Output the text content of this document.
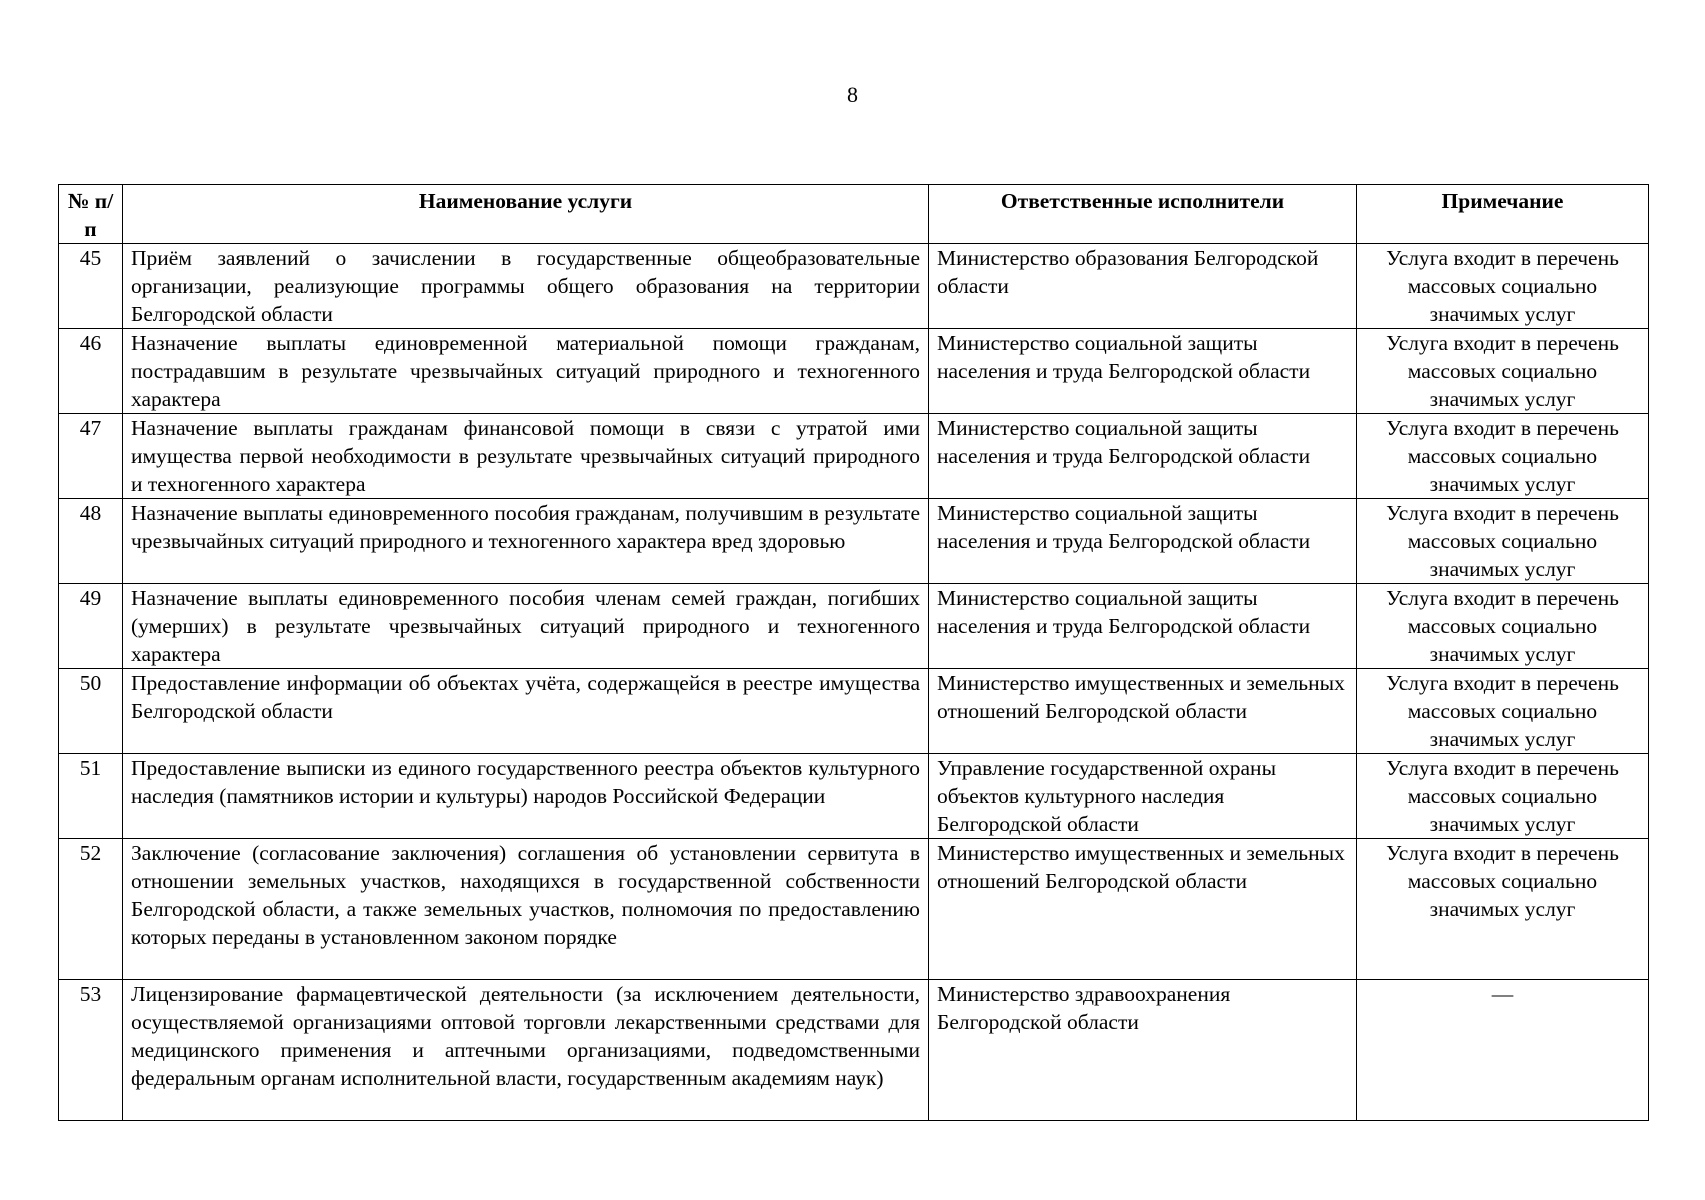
8
№ п/п	Наименование услуги	Ответственные исполнители	Примечание
45	Приём заявлений о зачислении в государственные общеобразовательные организации, реализующие программы общего образования на территории Белгородской области	Министерство образования Белгородской области	Услуга входит в перечень массовых социально значимых услуг
46	Назначение выплаты единовременной материальной помощи гражданам, пострадавшим в результате чрезвычайных ситуаций природного и техногенного характера	Министерство социальной защиты населения и труда Белгородской области	Услуга входит в перечень массовых социально значимых услуг
47	Назначение выплаты гражданам финансовой помощи в связи с утратой ими имущества первой необходимости в результате чрезвычайных ситуаций природного и техногенного характера	Министерство социальной защиты населения и труда Белгородской области	Услуга входит в перечень массовых социально значимых услуг
48	Назначение выплаты единовременного пособия гражданам, получившим в результате чрезвычайных ситуаций природного и техногенного характера вред здоровью	Министерство социальной защиты населения и труда Белгородской области	Услуга входит в перечень массовых социально значимых услуг
49	Назначение выплаты единовременного пособия членам семей граждан, погибших (умерших) в результате чрезвычайных ситуаций природного и техногенного характера	Министерство социальной защиты населения и труда Белгородской области	Услуга входит в перечень массовых социально значимых услуг
50	Предоставление информации об объектах учёта, содержащейся в реестре имущества Белгородской области	Министерство имущественных и земельных отношений Белгородской области	Услуга входит в перечень массовых социально значимых услуг
51	Предоставление выписки из единого государственного реестра объектов культурного наследия (памятников истории и культуры) народов Российской Федерации	Управление государственной охраны объектов культурного наследия Белгородской области	Услуга входит в перечень массовых социально значимых услуг
52	Заключение (согласование заключения) соглашения об установлении сервитута в отношении земельных участков, находящихся в государственной собственности Белгородской области, а также земельных участков, полномочия по предоставлению которых переданы в установленном законом порядке	Министерство имущественных и земельных отношений Белгородской области	Услуга входит в перечень массовых социально значимых услуг
53	Лицензирование фармацевтической деятельности (за исключением деятельности, осуществляемой организациями оптовой торговли лекарственными средствами для медицинского применения и аптечными организациями, подведомственными федеральным органам исполнительной власти, государственным академиям наук)	Министерство здравоохранения Белгородской области	—
